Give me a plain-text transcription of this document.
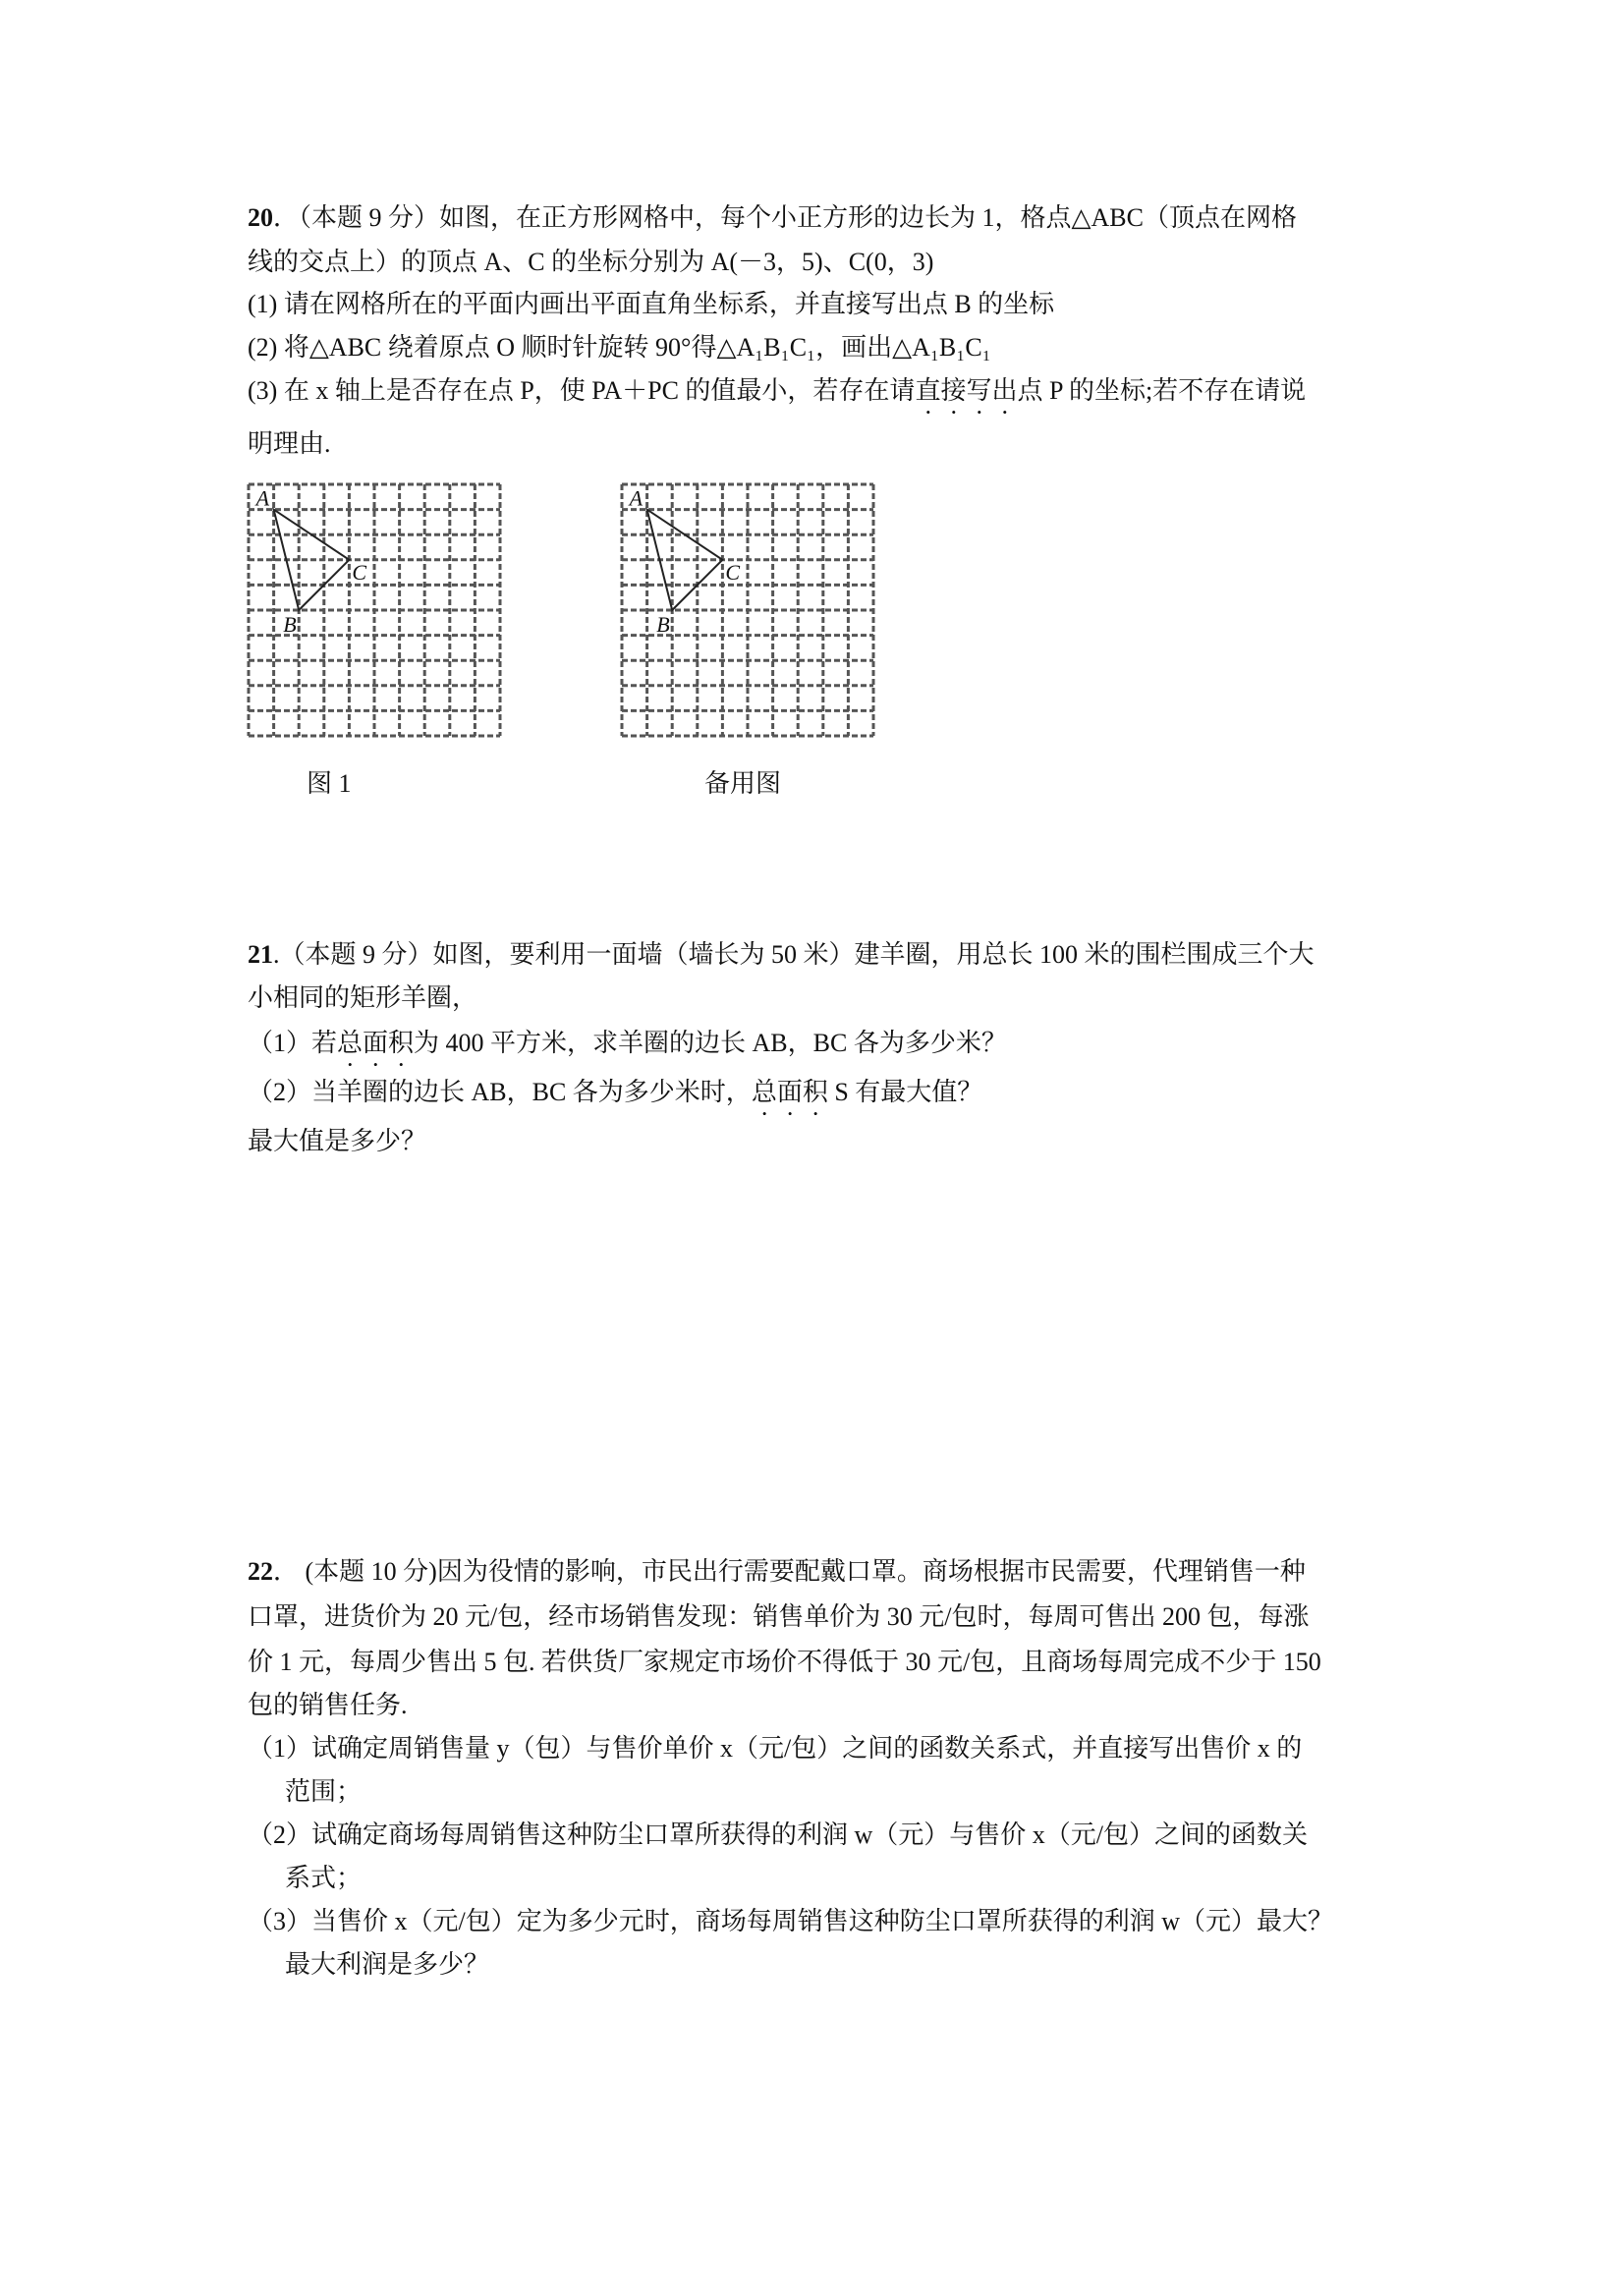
20．（本题 9 分）如图，在正方形网格中，每个小正方形的边长为 1，格点△ABC（顶点在网格
线的交点上）的顶点 A、C 的坐标分别为 A(－3，5)、C(0，3)
(1) 请在网格所在的平面内画出平面直角坐标系，并直接写出点 B 的坐标
(2) 将△ABC 绕着原点 O 顺时针旋转 90°得△A₁B₁C₁，画出△A₁B₁C₁
(3) 在 x 轴上是否存在点 P，使 PA＋PC 的值最小，若存在请直接写出点 P 的坐标;若不存在请说
明理由.
A
B
C
A
B
C
图 1	备用图
21.（本题 9 分）如图，要利用一面墙（墙长为 50 米）建羊圈，用总长 100 米的围栏围成三个大
小相同的矩形羊圈，
（1）若总面积为 400 平方米，求羊圈的边长 AB，BC 各为多少米？
（2）当羊圈的边长 AB，BC 各为多少米时，总面积 S 有最大值？
最大值是多少？
22． (本题 10 分)因为役情的影响，市民出行需要配戴口罩。商场根据市民需要，代理销售一种
口罩，进货价为 20 元/包，经市场销售发现：销售单价为 30 元/包时，每周可售出 200 包，每涨
价 1 元，每周少售出 5 包. 若供货厂家规定市场价不得低于 30 元/包，且商场每周完成不少于 150
包的销售任务.
（1）试确定周销售量 y（包）与售价单价 x（元/包）之间的函数关系式，并直接写出售价 x 的
范围；
（2）试确定商场每周销售这种防尘口罩所获得的利润 w（元）与售价 x（元/包）之间的函数关
系式；
（3）当售价 x（元/包）定为多少元时，商场每周销售这种防尘口罩所获得的利润 w（元）最大？
最大利润是多少？
